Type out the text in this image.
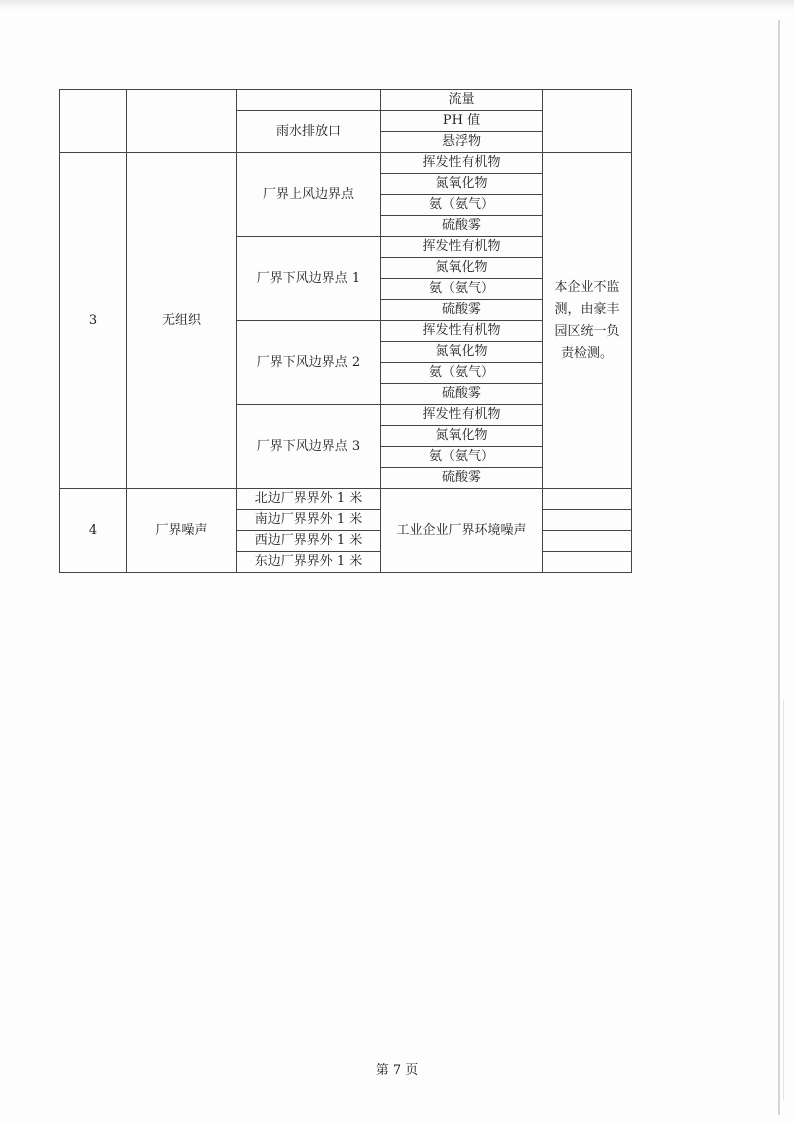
			流量	
		雨水排放口	PH 值	
			悬浮物	
3	无组织	厂界上风边界点	挥发性有机物	本企业不监测，由豪丰园区统一负责检测。
			氮氧化物	
			氨（氨气）	
			硫酸雾	
		厂界下风边界点 1	挥发性有机物	
			氮氧化物	
			氨（氨气）	
			硫酸雾	
		厂界下风边界点 2	挥发性有机物	
			氮氧化物	
			氨（氨气）	
			硫酸雾	
		厂界下风边界点 3	挥发性有机物	
			氮氧化物	
			氨（氨气）	
			硫酸雾	
4	厂界噪声	北边厂界界外 1 米	工业企业厂界环境噪声	
		南边厂界界外 1 米		
		西边厂界界外 1 米		
		东边厂界界外 1 米		
第 7 页
